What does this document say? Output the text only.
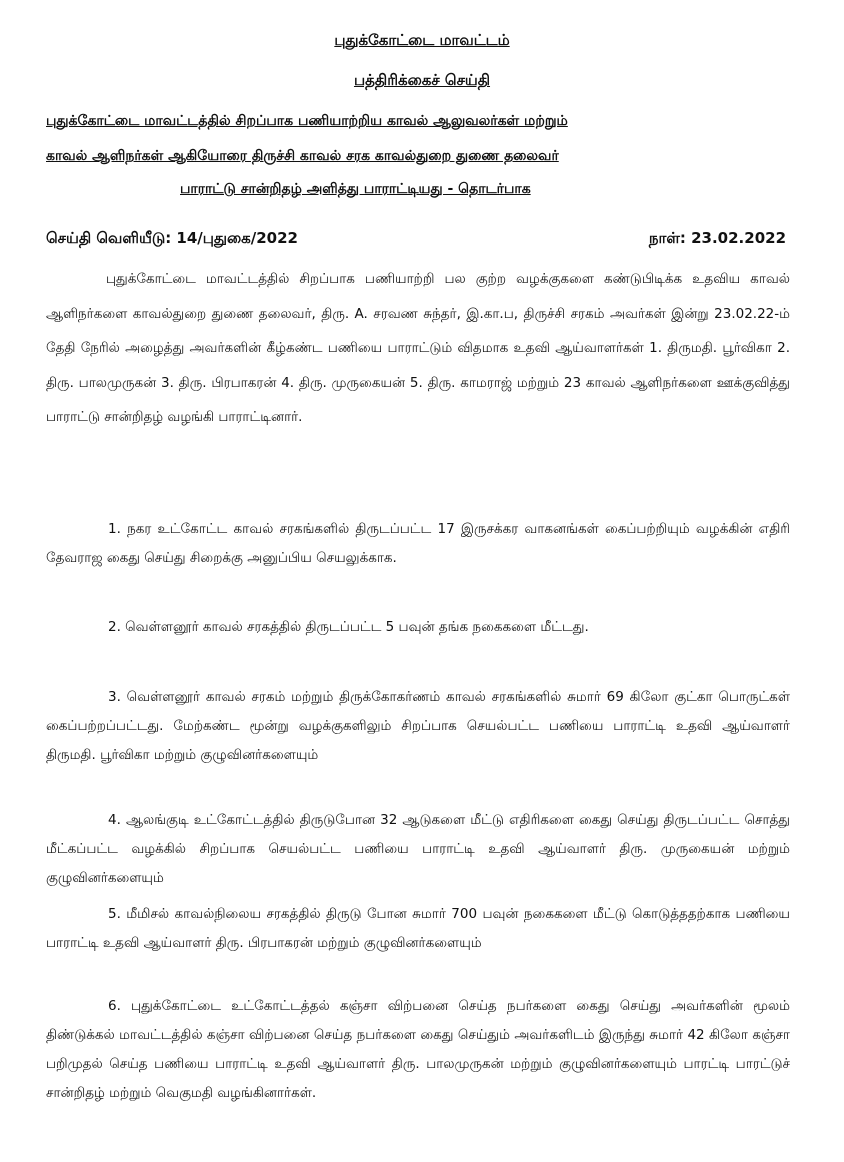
புதுக்கோட்டை மாவட்டம்
பத்திரிக்கைச் செய்தி
புதுக்கோட்டை மாவட்டத்தில் சிறப்பாக பணியாற்றிய காவல் ஆலுவலர்கள் மற்றும்
காவல் ஆளிநர்கள் ஆகியோரை திருச்சி காவல் சரக காவல்துறை துணை தலைவர்
பாராட்டு சான்றிதழ் அளித்து பாராட்டியது - தொடர்பாக
செய்தி வெளியீடு: 14/புதுகை/2022	நாள்: 23.02.2022

புதுக்கோட்டை மாவட்டத்தில் சிறப்பாக பணியாற்றி பல குற்ற வழக்குகளை கண்டுபிடிக்க உதவிய காவல் ஆளிநர்களை காவல்துறை துணை தலைவர், திரு. A. சரவண சுந்தர், இ.கா.ப, திருச்சி சரகம் அவர்கள் இன்று 23.02.22-ம் தேதி நேரில் அழைத்து அவர்களின் கீழ்கண்ட பணியை பாராட்டும் விதமாக உதவி ஆய்வாளர்கள் 1. திருமதி. பூர்விகா 2. திரு. பாலமுருகன் 3. திரு. பிரபாகரன் 4. திரு. முருகையன் 5. திரு. காமராஜ் மற்றும் 23 காவல் ஆளிநர்களை ஊக்குவித்து பாராட்டு சான்றிதழ் வழங்கி பாராட்டினார்.

1. நகர உட்கோட்ட காவல் சரகங்களில் திருடப்பட்ட 17 இருசக்கர வாகனங்கள் கைப்பற்றியும் வழக்கின் எதிரி தேவராஜ கைது செய்து சிறைக்கு அனுப்பிய செயலுக்காக.

2. வெள்ளனூர் காவல் சரகத்தில் திருடப்பட்ட 5 பவுன் தங்க நகைகளை மீட்டது.

3. வெள்ளனூர் காவல் சரகம் மற்றும் திருக்கோகர்ணம் காவல் சரகங்களில் சுமார் 69 கிலோ குட்கா பொருட்கள் கைப்பற்றப்பட்டது. மேற்கண்ட மூன்று வழக்குகளிலும் சிறப்பாக செயல்பட்ட பணியை பாராட்டி உதவி ஆய்வாளர் திருமதி. பூர்விகா மற்றும் குழுவினர்களையும்

4. ஆலங்குடி உட்கோட்டத்தில் திருடுபோன 32 ஆடுகளை மீட்டு எதிரிகளை கைது செய்து திருடப்பட்ட சொத்து மீட்கப்பட்ட வழக்கில் சிறப்பாக செயல்பட்ட பணியை பாராட்டி உதவி ஆய்வாளர் திரு. முருகையன் மற்றும் குழுவினர்களையும்

5. மீமிசல் காவல்நிலைய சரகத்தில் திருடு போன சுமார் 700 பவுன் நகைகளை மீட்டு கொடுத்ததற்காக பணியை பாராட்டி உதவி ஆய்வாளர் திரு. பிரபாகரன் மற்றும் குழுவினர்களையும்

6. புதுக்கோட்டை உட்கோட்டத்தல் கஞ்சா விற்பனை செய்த நபர்களை கைது செய்து அவர்களின் மூலம் திண்டுக்கல் மாவட்டத்தில் கஞ்சா விற்பனை செய்த நபர்களை கைது செய்தும் அவர்களிடம் இருந்து சுமார் 42 கிலோ கஞ்சா பறிமுதல் செய்த பணியை பாராட்டி உதவி ஆய்வாளர் திரு. பாலமுருகன் மற்றும் குழுவினர்களையும் பாரட்டி பாரட்டுச் சான்றிதழ் மற்றும் வெகுமதி வழங்கினார்கள்.
